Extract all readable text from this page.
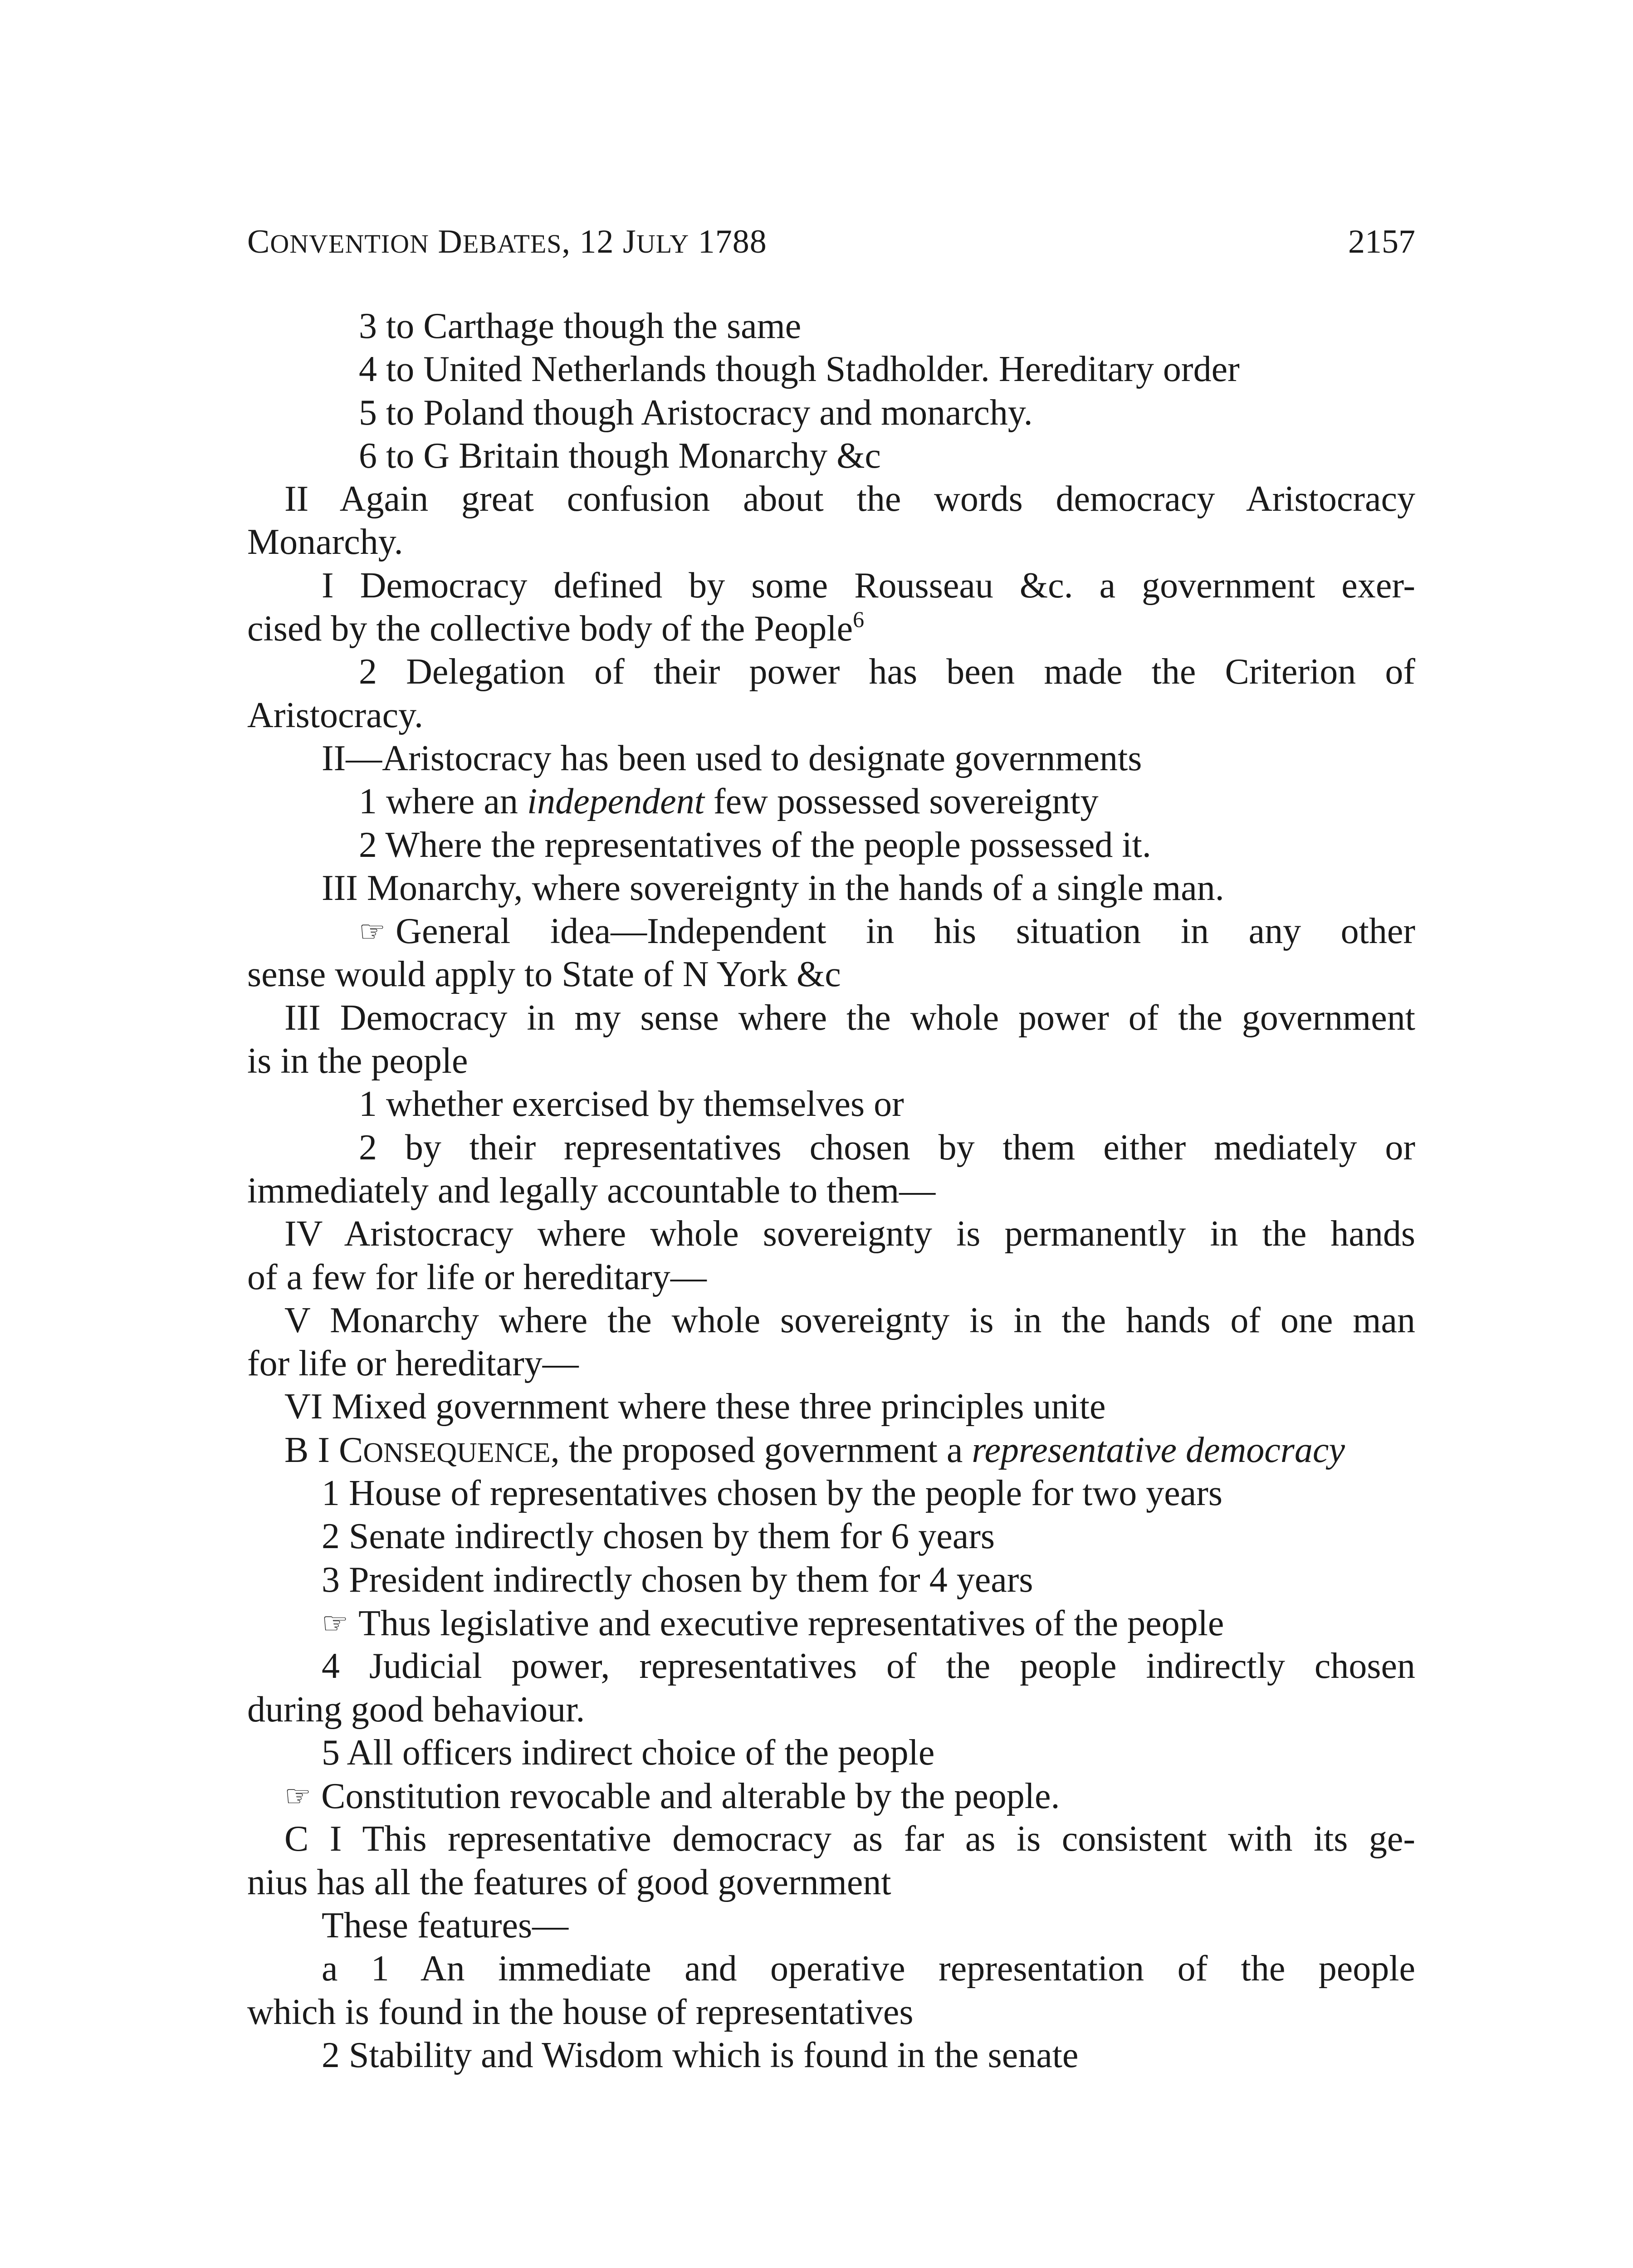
CONVENTION DEBATES, 12 JULY 1788	2157
3 to Carthage though the same
4 to United Netherlands though Stadholder. Hereditary order
5 to Poland though Aristocracy and monarchy.
6 to G Britain though Monarchy &c
II Again great confusion about the words democracy Aristocracy
Monarchy.
I Democracy defined by some Rousseau &c. a government exer-
cised by the collective body of the People$^6$
2 Delegation of their power has been made the Criterion of
Aristocracy.
II—Aristocracy has been used to designate governments
1 where an independent few possessed sovereignty
2 Where the representatives of the people possessed it.
III Monarchy, where sovereignty in the hands of a single man.
☞ General idea—Independent in his situation in any other
sense would apply to State of N York &c
III Democracy in my sense where the whole power of the government
is in the people
1 whether exercised by themselves or
2 by their representatives chosen by them either mediately or
immediately and legally accountable to them—
IV Aristocracy where whole sovereignty is permanently in the hands
of a few for life or hereditary—
V Monarchy where the whole sovereignty is in the hands of one man
for life or hereditary—
VI Mixed government where these three principles unite
B I CONSEQUENCE, the proposed government a representative democracy
1 House of representatives chosen by the people for two years
2 Senate indirectly chosen by them for 6 years
3 President indirectly chosen by them for 4 years
☞ Thus legislative and executive representatives of the people
4 Judicial power, representatives of the people indirectly chosen
during good behaviour.
5 All officers indirect choice of the people
☞ Constitution revocable and alterable by the people.
C I This representative democracy as far as is consistent with its ge-
nius has all the features of good government
These features—
a 1 An immediate and operative representation of the people
which is found in the house of representatives
2 Stability and Wisdom which is found in the senate
